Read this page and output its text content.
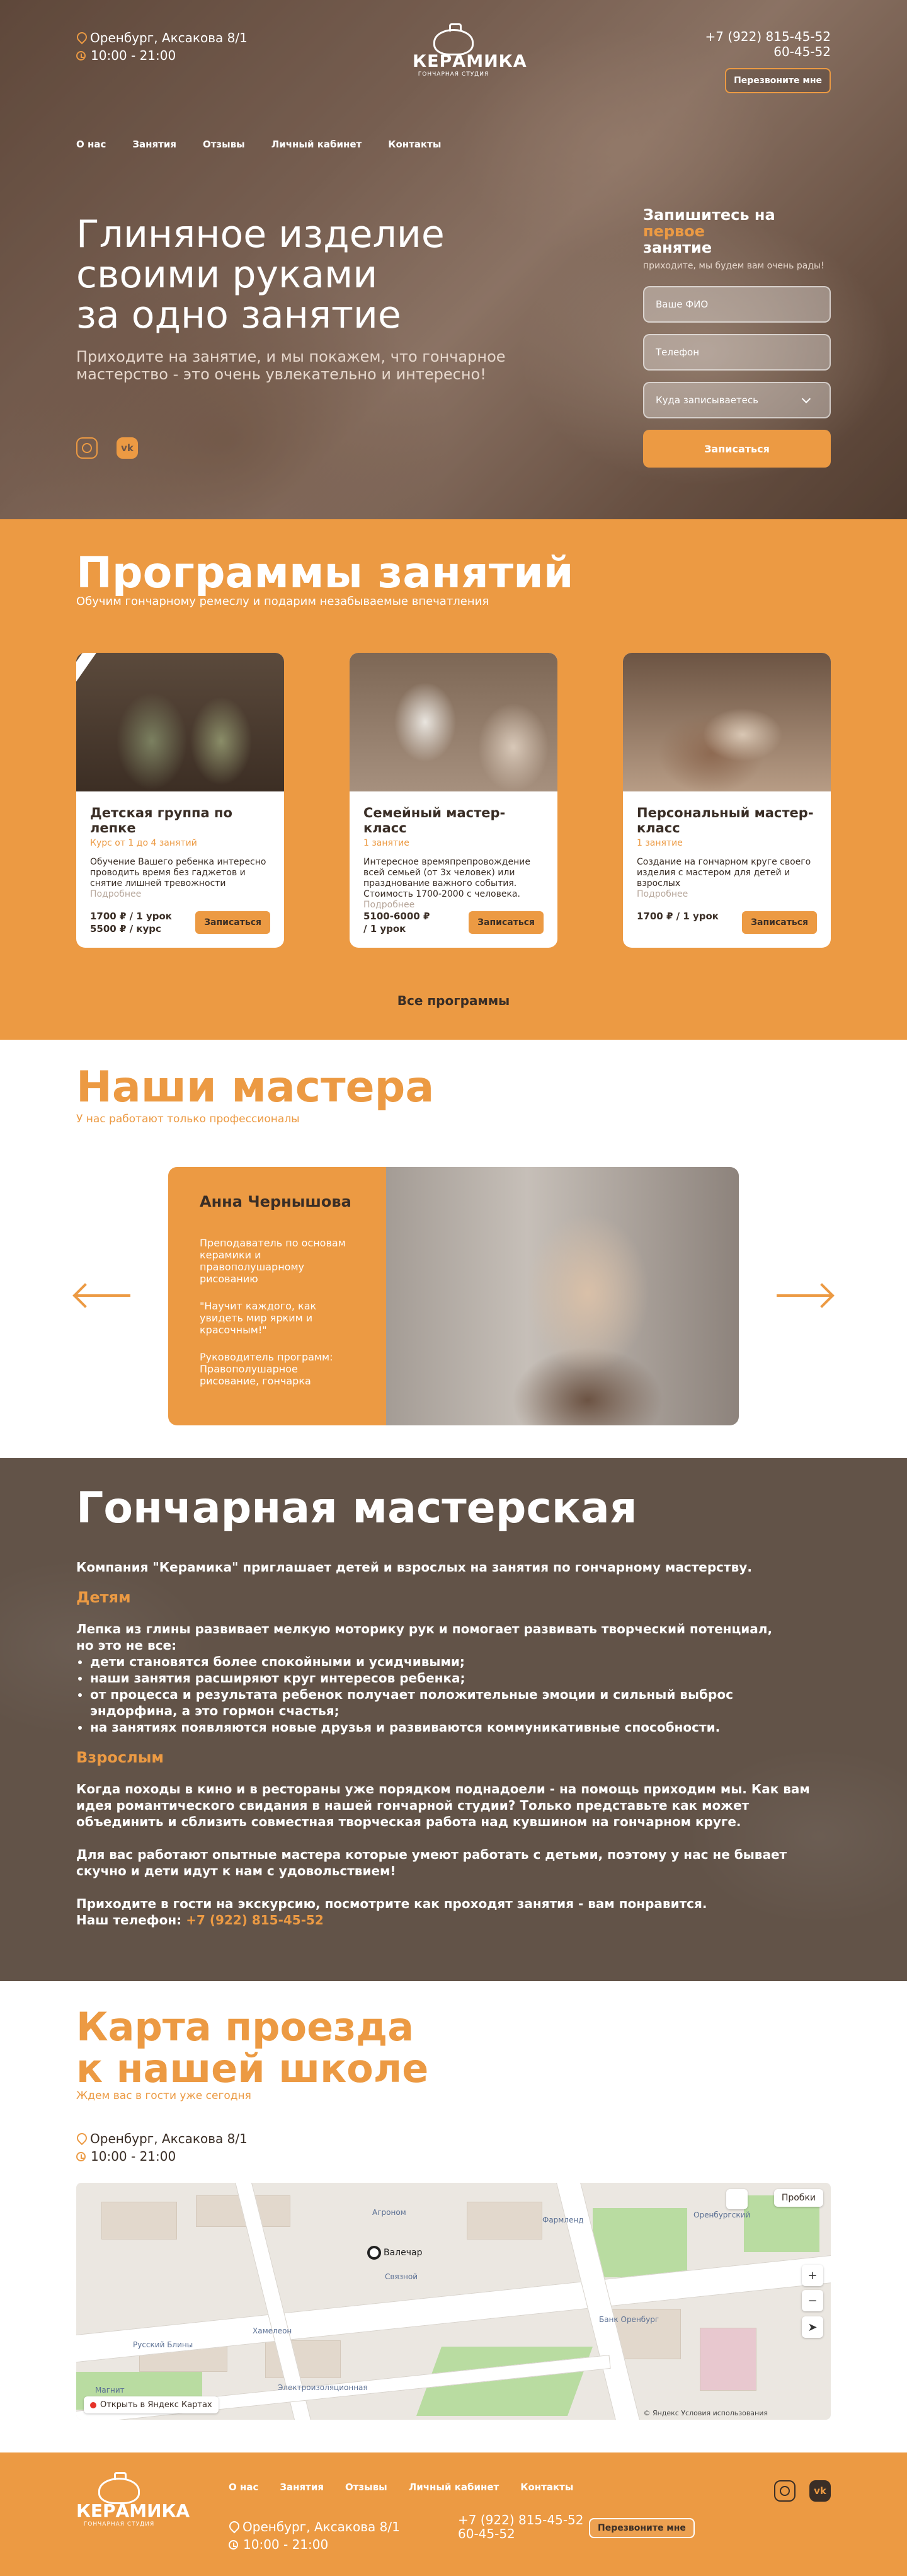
Оренбург, Аксакова 8/1
10:00 - 21:00	КЕРАМИКА
ГОНЧАРНАЯ СТУДИЯ
+7 (922) 815-45-52
60-45-52
Перезвоните мне
О нас	Занятия	Отзывы	Личный кабинет	Контакты
Глиняное изделие
своими руками
за одно занятие
Приходите на занятие, и мы покажем, что гончарное мастерство - это очень увлекательно и интересно!
vk
Запишитесь на первое
занятие
приходите, мы будем вам очень рады!
Ваше ФИО
Телефон
Куда записываетесь
Записаться
Программы занятий
Обучим гончарному ремеслу и подарим незабываемые впечатления
Детская группа по лепке
Курс от 1 до 4 занятий
Обучение Вашего ребенка интересно проводить время без гаджетов и снятие лишней тревожности
Подробнее
1700 ₽ / 1 урок
5500 ₽ / курс
Записаться
Семейный мастер-класс
1 занятие
Интересное времяпрепровождение всей семьей (от 3х человек) или празднование важного события. Стоимость 1700-2000 с человека.
Подробнее
5100-6000 ₽
/ 1 урок
Записаться
Персональный мастер-класс
1 занятие
Создание на гончарном круге своего изделия с мастером для детей и взрослых
Подробнее
1700 ₽ / 1 урок
Записаться
Все программы
Наши мастера
У нас работают только профессионалы
Анна Чернышова

Преподаватель по основам керамики и правополушарному рисованию

"Научит каждого, как увидеть мир ярким и красочным!"

Руководитель программ: Правополушарное рисование, гончарка

Гончарная мастерская

Компания "Керамика" приглашает детей и взрослых на занятия по гончарному мастерству.

Детям

Лепка из глины развивает мелкую моторику рук и помогает развивать творческий потенциал,

но это не все:

• дети становятся более спокойными и усидчивыми;
• наши занятия расширяют круг интересов ребенка;
• от процесса и результата ребенок получает положительные эмоции и сильный выброс эндорфина, а это гормон счастья;
• на занятиях появляются новые друзья и развиваются коммуникативные способности.
Взрослым

Когда походы в кино и в рестораны уже порядком поднадоели - на помощь приходим мы. Как вам идея романтического свидания в нашей гончарной студии? Только представьте как может объединить и сблизить совместная творческая работа над кувшином на гончарном круге.

Для вас работают опытные мастера которые умеют работать с детьми, поэтому у нас не бывает скучно и дети идут к нам с удовольствием!

Приходите в гости на экскурсию, посмотрите как проходят занятия - вам понравится.

Наш телефон: +7 (922) 815-45-52

Карта проезда
к нашей школе
Ждем вас в гости уже сегодня
Оренбург, Аксакова 8/1
10:00 - 21:00
Валечар
Агроном
Фармленд
Оренбургский
Связной
Банк Оренбург
Хамелеон
Русский Блины
Электроизоляционная
Магнит
Пробки
+
−
➤
Открыть в Яндекс Картах
© Яндекс Условия использования
КЕРАМИКА
ГОНЧАРНАЯ СТУДИЯ
О нас Занятия Отзывы Личный кабинет Контакты
Оренбург, Аксакова 8/1
10:00 - 21:00
+7 (922) 815-45-52
60-45-52	Перезвоните мне
vk
